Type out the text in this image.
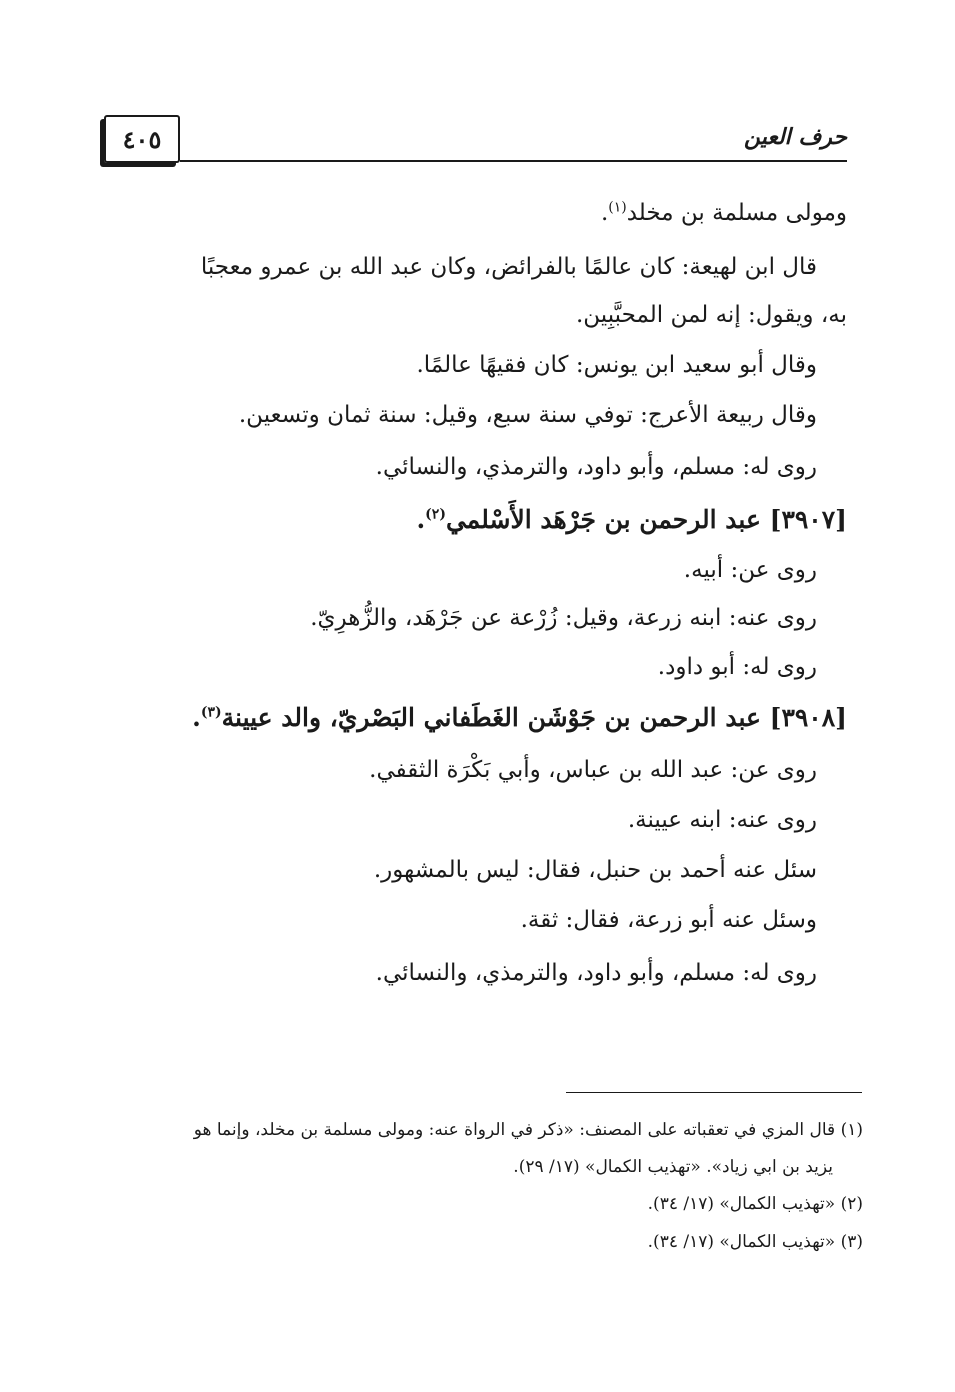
٤٠٥	حرف العين
ومولى مسلمة بن مخلد$^{(١)}$.
قال ابن لهيعة: كان عالمًا بالفرائض، وكان عبد الله بن عمرو معجبًا
به، ويقول: إنه لمن المحبَّبِين.
وقال أبو سعيد ابن يونس: كان فقيهًا عالمًا.
وقال ربيعة الأعرج: توفي سنة سبع، وقيل: سنة ثمان وتسعين.
روى له: مسلم، وأبو داود، والترمذي، والنسائي.
[٣٩٠٧] عبد الرحمن بن جَرْهَد الأَسْلمي$^{(٢)}$.
روى عن: أبيه.
روى عنه: ابنه زرعة، وقيل: زُرْعة عن جَرْهَد، والزُّهرِيّ.
روى له: أبو داود.
[٣٩٠٨] عبد الرحمن بن جَوْشَن الغَطَفاني البَصْريّ، والد عيينة$^{(٣)}$.
روى عن: عبد الله بن عباس، وأبي بَكْرَة الثقفي.
روى عنه: ابنه عيينة.
سئل عنه أحمد بن حنبل، فقال: ليس بالمشهور.
وسئل عنه أبو زرعة، فقال: ثقة.
روى له: مسلم، وأبو داود، والترمذي، والنسائي.
(١) قال المزي في تعقباته على المصنف: «ذكر في الرواة عنه: ومولى مسلمة بن مخلد، وإنما هو
يزيد بن ابي زياد». «تهذيب الكمال» (١٧/ ٢٩).
(٢) «تهذيب الكمال» (١٧/ ٣٤).
(٣) «تهذيب الكمال» (١٧/ ٣٤).
